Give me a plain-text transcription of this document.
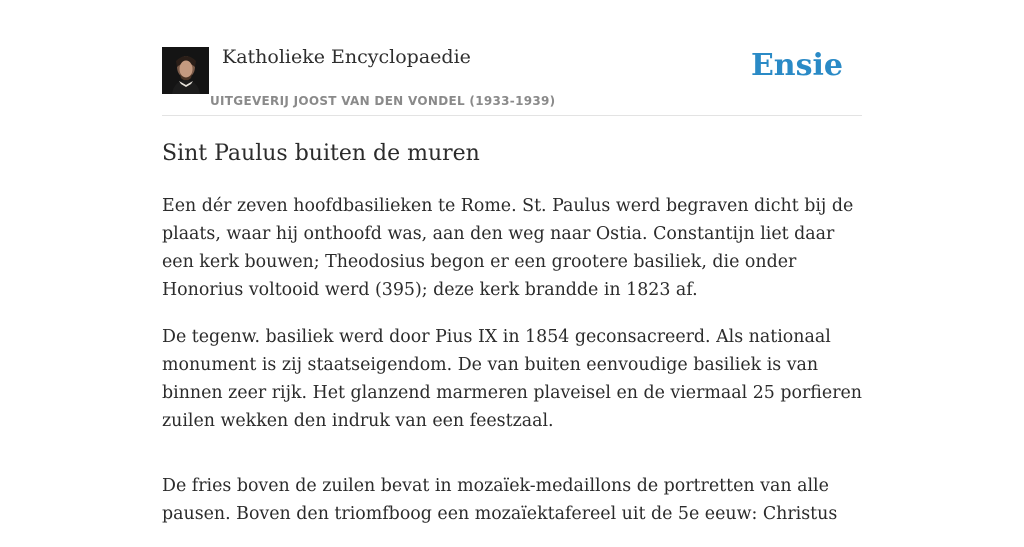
Katholieke Encyclopaedie
UITGEVERIJ JOOST VAN DEN VONDEL (1933-1939)
Ensie
Sint Paulus buiten de muren

Een dér zeven hoofdbasilieken te Rome. St. Paulus werd begraven dicht bij de plaats, waar hij onthoofd was, aan den weg naar Ostia. Constantijn liet daar een kerk bouwen; Theodosius begon er een grootere basiliek, die onder Honorius voltooid werd (395); deze kerk brandde in 1823 af.

De tegenw. basiliek werd door Pius IX in 1854 geconsacreerd. Als nationaal monument is zij staatseigendom. De van buiten eenvoudige basiliek is van binnen zeer rijk. Het glanzend marmeren plaveisel en de viermaal 25 porfieren zuilen wekken den indruk van een feestzaal.

De fries boven de zuilen bevat in mozaïek-medaillons de portretten van alle pausen. Boven den triomfboog een mozaïektafereel uit de 5e eeuw: Christus
